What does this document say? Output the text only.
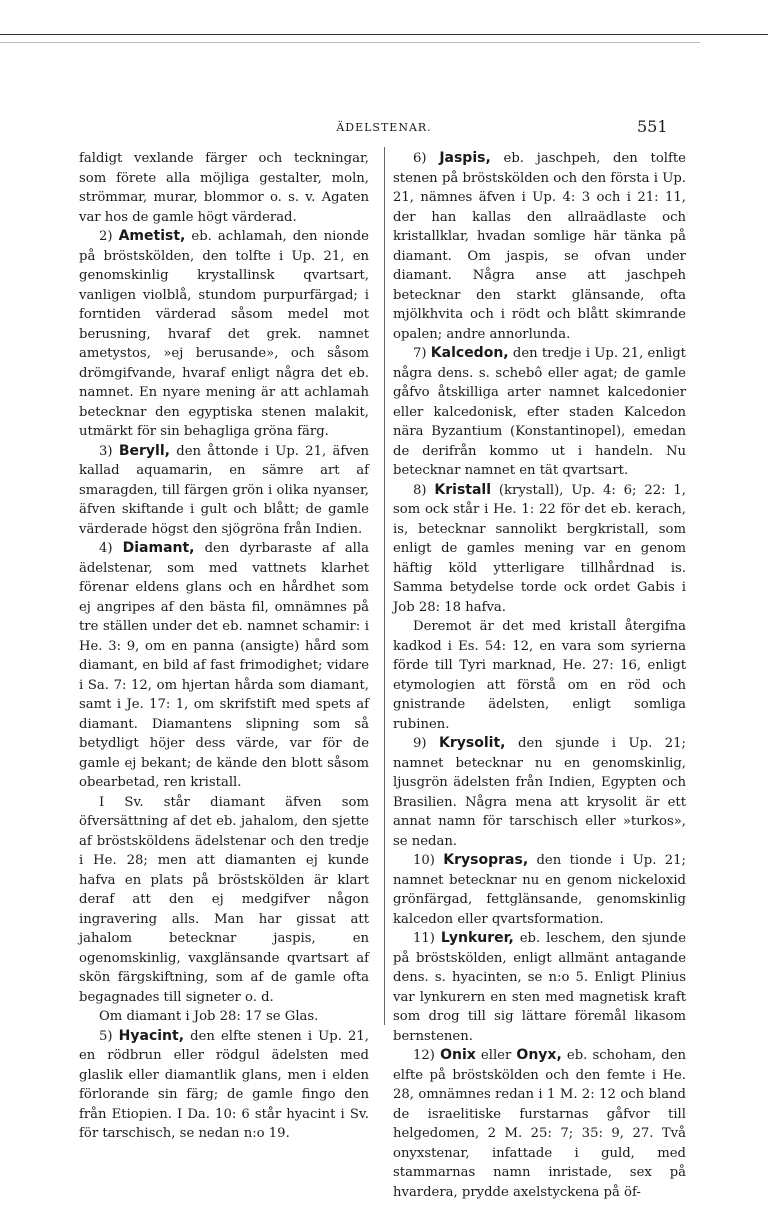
ÄDELSTENAR.	551

faldigt vexlande färger och teckningar, som förete alla möjliga gestalter, moln, strömmar, murar, blommor o. s. v. Agaten var hos de gamle högt värderad.

2) Ametist, eb. achlamah, den nionde på bröstskölden, den tolfte i Up. 21, en genomskinlig krystallinsk qvartsart, vanligen violblå, stundom purpurfärgad; i forntiden värderad såsom medel mot berusning, hvaraf det grek. namnet ametystos, »ej berusande», och såsom drömgifvande, hvaraf enligt några det eb. namnet. En nyare mening är att achlamah betecknar den egyptiska stenen malakit, utmärkt för sin behagliga gröna färg.

3) Beryll, den åttonde i Up. 21, äfven kallad aquamarin, en sämre art af smaragden, till färgen grön i olika nyanser, äfven skiftande i gult och blått; de gamle värderade högst den sjögröna från Indien.

4) Diamant, den dyrbaraste af alla ädelstenar, som med vattnets klarhet förenar eldens glans och en hårdhet som ej angripes af den bästa fil, omnämnes på tre ställen under det eb. namnet schamir: i He. 3: 9, om en panna (ansigte) hård som diamant, en bild af fast frimodighet; vidare i Sa. 7: 12, om hjertan hårda som diamant, samt i Je. 17: 1, om skrifstift med spets af diamant. Diamantens slipning som så betydligt höjer dess värde, var för de gamle ej bekant; de kände den blott såsom obearbetad, ren kristall.

I Sv. står diamant äfven som öfversättning af det eb. jahalom, den sjette af bröstsköldens ädelstenar och den tredje i He. 28; men att diamanten ej kunde hafva en plats på bröstskölden är klart deraf att den ej medgifver någon ingravering alls. Man har gissat att jahalom betecknar jaspis, en ogenomskinlig, vaxglänsande qvartsart af skön färgskiftning, som af de gamle ofta begagnades till signeter o. d.

Om diamant i Job 28: 17 se Glas.

5) Hyacint, den elfte stenen i Up. 21, en rödbrun eller rödgul ädelsten med glaslik eller diamantlik glans, men i elden förlorande sin färg; de gamle fingo den från Etiopien. I Da. 10: 6 står hyacint i Sv. för tarschisch, se nedan n:o 19.

6) Jaspis, eb. jaschpeh, den tolfte stenen på bröstskölden och den första i Up. 21, nämnes äfven i Up. 4: 3 och i 21: 11, der han kallas den allraädlaste och kristallklar, hvadan somlige här tänka på diamant. Om jaspis, se ofvan under diamant. Några anse att jaschpeh betecknar den starkt glänsande, ofta mjölkhvita och i rödt och blått skimrande opalen; andre annorlunda.

7) Kalcedon, den tredje i Up. 21, enligt några dens. s. schebô eller agat; de gamle gåfvo åtskilliga arter namnet kalcedonier eller kalcedonisk, efter staden Kalcedon nära Byzantium (Konstantinopel), emedan de derifrån kommo ut i handeln. Nu betecknar namnet en tät qvartsart.

8) Kristall (krystall), Up. 4: 6; 22: 1, som ock står i He. 1: 22 för det eb. kerach, is, betecknar sannolikt bergkristall, som enligt de gamles mening var en genom häftig köld ytterligare tillhårdnad is. Samma betydelse torde ock ordet Gabis i Job 28: 18 hafva.

Deremot är det med kristall återgifna kadkod i Es. 54: 12, en vara som syrierna förde till Tyri marknad, He. 27: 16, enligt etymologien att förstå om en röd och gnistrande ädelsten, enligt somliga rubinen.

9) Krysolit, den sjunde i Up. 21; namnet betecknar nu en genomskinlig, ljusgrön ädelsten från Indien, Egypten och Brasilien. Några mena att krysolit är ett annat namn för tarschisch eller »turkos», se nedan.

10) Krysopras, den tionde i Up. 21; namnet betecknar nu en genom nickeloxid grönfärgad, fettglänsande, genomskinlig kalcedon eller qvartsformation.

11) Lynkurer, eb. leschem, den sjunde på bröstskölden, enligt allmänt antagande dens. s. hyacinten, se n:o 5. Enligt Plinius var lynkurern en sten med magnetisk kraft som drog till sig lättare föremål likasom bernstenen.

12) Onix eller Onyx, eb. schoham, den elfte på bröstskölden och den femte i He. 28, omnämnes redan i 1 M. 2: 12 och bland de israelitiske furstarnas gåfvor till helgedomen, 2 M. 25: 7; 35: 9, 27. Två onyxstenar, infattade i guld, med stammarnas namn inristade, sex på hvardera, prydde axelstyckena på öf-
